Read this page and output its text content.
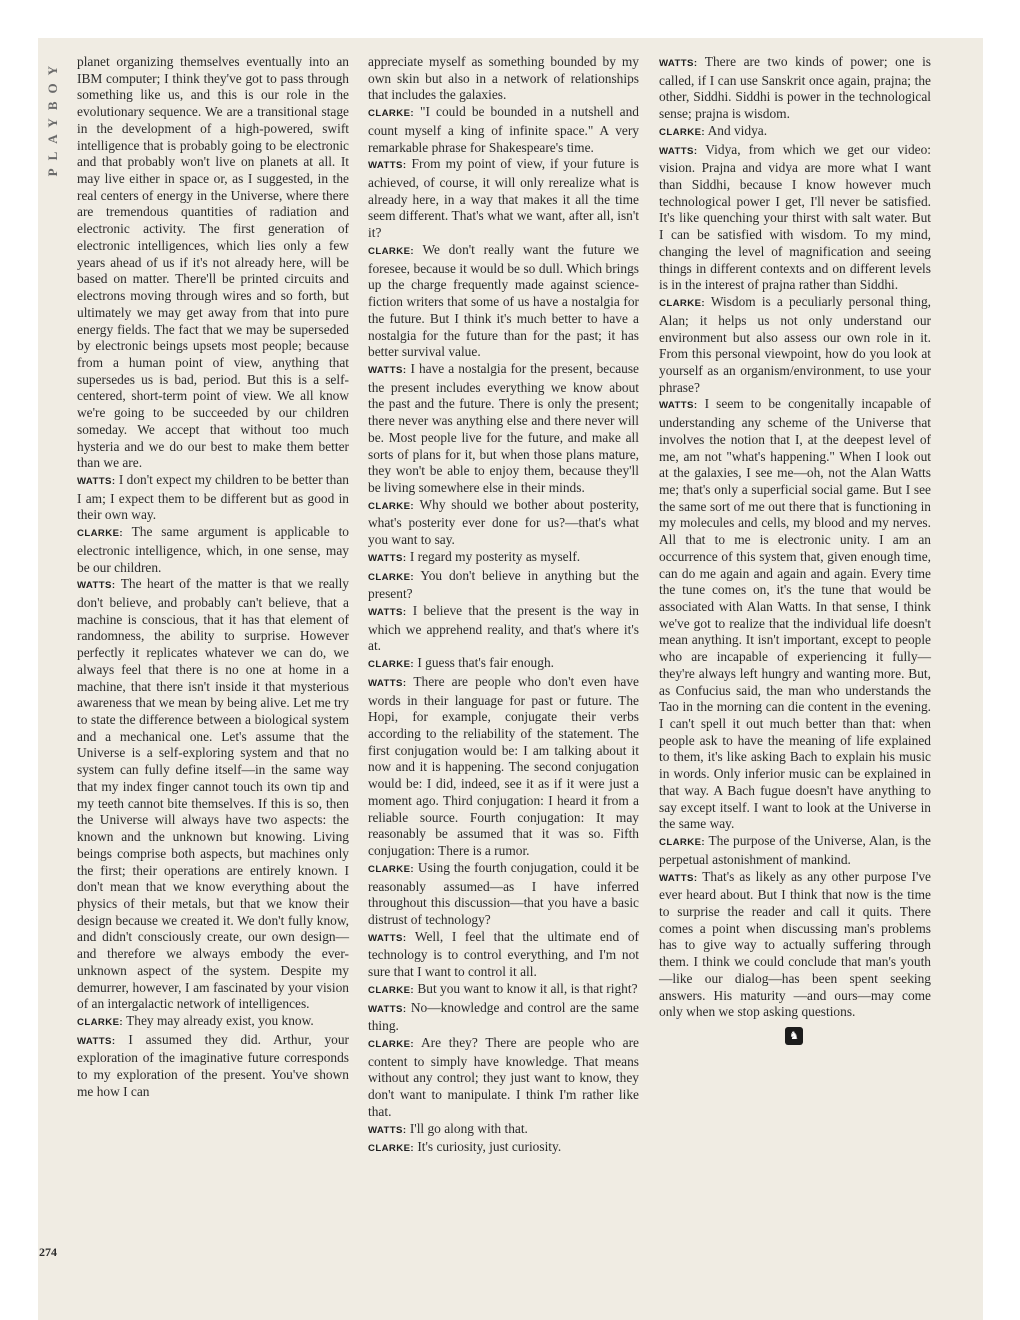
PLAYBOY
274

planet organizing themselves eventually into an IBM computer; I think they've got to pass through something like us, and this is our role in the evolutionary sequence. We are a transitional stage in the development of a high-powered, swift intelligence that is probably going to be electronic and that probably won't live on planets at all. It may live either in space or, as I suggested, in the real centers of energy in the Universe, where there are tremendous quantities of radiation and electronic activity. The first generation of electronic intelligences, which lies only a few years ahead of us if it's not already here, will be based on matter. There'll be printed circuits and electrons moving through wires and so forth, but ultimately we may get away from that into pure energy fields. The fact that we may be superseded by electronic beings upsets most people; because from a human point of view, anything that supersedes us is bad, period. But this is a self-centered, short-term point of view. We all know we're going to be succeeded by our children someday. We accept that without too much hysteria and we do our best to make them better than we are.

WATTS: I don't expect my children to be better than I am; I expect them to be different but as good in their own way.

CLARKE: The same argument is applicable to electronic intelligence, which, in one sense, may be our children.

WATTS: The heart of the matter is that we really don't believe, and probably can't believe, that a machine is conscious, that it has that element of randomness, the ability to surprise. However perfectly it replicates whatever we can do, we always feel that there is no one at home in a machine, that there isn't inside it that mysterious awareness that we mean by being alive. Let me try to state the difference between a biological system and a mechanical one. Let's assume that the Universe is a self-exploring system and that no system can fully define itself—in the same way that my index finger cannot touch its own tip and my teeth cannot bite themselves. If this is so, then the Universe will always have two aspects: the known and the unknown but knowing. Living beings comprise both aspects, but machines only the first; their operations are entirely known. I don't mean that we know everything about the physics of their metals, but that we know their design because we created it. We don't fully know, and didn't consciously create, our own design—and therefore we always embody the ever-unknown aspect of the system. Despite my demurrer, however, I am fascinated by your vision of an intergalactic network of intelligences.

CLARKE: They may already exist, you know.

WATTS: I assumed they did. Arthur, your exploration of the imaginative future corresponds to my exploration of the present. You've shown me how I can

appreciate myself as something bounded by my own skin but also in a network of relationships that includes the galaxies.

CLARKE: "I could be bounded in a nutshell and count myself a king of infinite space." A very remarkable phrase for Shakespeare's time.

WATTS: From my point of view, if your future is achieved, of course, it will only rerealize what is already here, in a way that makes it all the time seem different. That's what we want, after all, isn't it?

CLARKE: We don't really want the future we foresee, because it would be so dull. Which brings up the charge frequently made against science-fiction writers that some of us have a nostalgia for the future. But I think it's much better to have a nostalgia for the future than for the past; it has better survival value.

WATTS: I have a nostalgia for the present, because the present includes everything we know about the past and the future. There is only the present; there never was anything else and there never will be. Most people live for the future, and make all sorts of plans for it, but when those plans mature, they won't be able to enjoy them, because they'll be living somewhere else in their minds.

CLARKE: Why should we bother about posterity, what's posterity ever done for us?—that's what you want to say.

WATTS: I regard my posterity as myself.

CLARKE: You don't believe in anything but the present?

WATTS: I believe that the present is the way in which we apprehend reality, and that's where it's at.

CLARKE: I guess that's fair enough.

WATTS: There are people who don't even have words in their language for past or future. The Hopi, for example, conjugate their verbs according to the reliability of the statement. The first conjugation would be: I am talking about it now and it is happening. The second conjugation would be: I did, indeed, see it as if it were just a moment ago. Third conjugation: I heard it from a reliable source. Fourth conjugation: It may reasonably be assumed that it was so. Fifth conjugation: There is a rumor.

CLARKE: Using the fourth conjugation, could it be reasonably assumed—as I have inferred throughout this discussion—that you have a basic distrust of technology?

WATTS: Well, I feel that the ultimate end of technology is to control everything, and I'm not sure that I want to control it all.

CLARKE: But you want to know it all, is that right?

WATTS: No—knowledge and control are the same thing.

CLARKE: Are they? There are people who are content to simply have knowledge. That means without any control; they just want to know, they don't want to manipulate. I think I'm rather like that.

WATTS: I'll go along with that.

CLARKE: It's curiosity, just curiosity.

WATTS: There are two kinds of power; one is called, if I can use Sanskrit once again, prajna; the other, Siddhi. Siddhi is power in the technological sense; prajna is wisdom.

CLARKE: And vidya.

WATTS: Vidya, from which we get our video: vision. Prajna and vidya are more what I want than Siddhi, because I know however much technological power I get, I'll never be satisfied. It's like quenching your thirst with salt water. But I can be satisfied with wisdom. To my mind, changing the level of magnification and seeing things in different contexts and on different levels is in the interest of prajna rather than Siddhi.

CLARKE: Wisdom is a peculiarly personal thing, Alan; it helps us not only understand our environment but also assess our own role in it. From this personal viewpoint, how do you look at yourself as an organism/environment, to use your phrase?

WATTS: I seem to be congenitally incapable of understanding any scheme of the Universe that involves the notion that I, at the deepest level of me, am not "what's happening." When I look out at the galaxies, I see me—oh, not the Alan Watts me; that's only a superficial social game. But I see the same sort of me out there that is functioning in my molecules and cells, my blood and my nerves. All that to me is electronic unity. I am an occurrence of this system that, given enough time, can do me again and again and again. Every time the tune comes on, it's the tune that would be associated with Alan Watts. In that sense, I think we've got to realize that the individual life doesn't mean anything. It isn't important, except to people who are incapable of experiencing it fully—they're always left hungry and wanting more. But, as Confucius said, the man who understands the Tao in the morning can die content in the evening. I can't spell it out much better than that: when people ask to have the meaning of life explained to them, it's like asking Bach to explain his music in words. Only inferior music can be explained in that way. A Bach fugue doesn't have anything to say except itself. I want to look at the Universe in the same way.

CLARKE: The purpose of the Universe, Alan, is the perpetual astonishment of mankind.

WATTS: That's as likely as any other purpose I've ever heard about. But I think that now is the time to surprise the reader and call it quits. There comes a point when discussing man's problems has to give way to actually suffering through them. I think we could conclude that man's youth—like our dialog—has been spent seeking answers. His maturity —and ours—may come only when we stop asking questions.

♞
